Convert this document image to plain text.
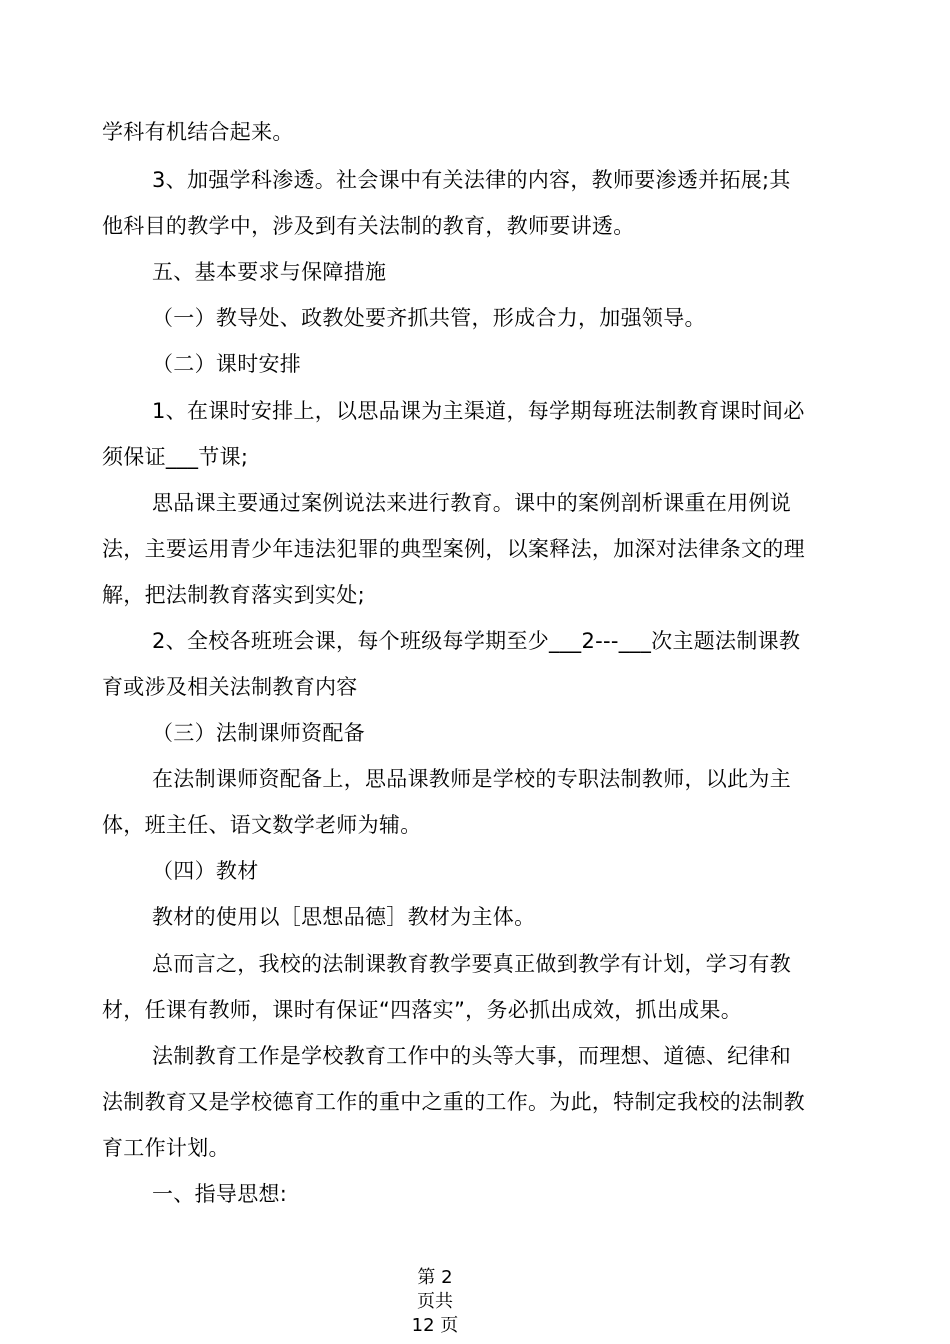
学科有机结合起来。
3、加强学科渗透。社会课中有关法律的内容，教师要渗透并拓展;其
他科目的教学中，涉及到有关法制的教育，教师要讲透。
五、基本要求与保障措施
（一）教导处、政教处要齐抓共管，形成合力，加强领导。
（二）课时安排
1、在课时安排上，以思品课为主渠道，每学期每班法制教育课时间必
须保证___节课;
思品课主要通过案例说法来进行教育。课中的案例剖析课重在用例说
法，主要运用青少年违法犯罪的典型案例，以案释法，加深对法律条文的理
解，把法制教育落实到实处;
2、全校各班班会课，每个班级每学期至少___2---___次主题法制课教
育或涉及相关法制教育内容
（三）法制课师资配备
在法制课师资配备上，思品课教师是学校的专职法制教师，以此为主
体，班主任、语文数学老师为辅。
（四）教材
教材的使用以［思想品德］教材为主体。
总而言之，我校的法制课教育教学要真正做到教学有计划，学习有教
材，任课有教师，课时有保证“四落实”，务必抓出成效，抓出成果。
法制教育工作是学校教育工作中的头等大事，而理想、道德、纪律和
法制教育又是学校德育工作的重中之重的工作。为此，特制定我校的法制教
育工作计划。
一、指导思想:
第 2
页共
12 页
